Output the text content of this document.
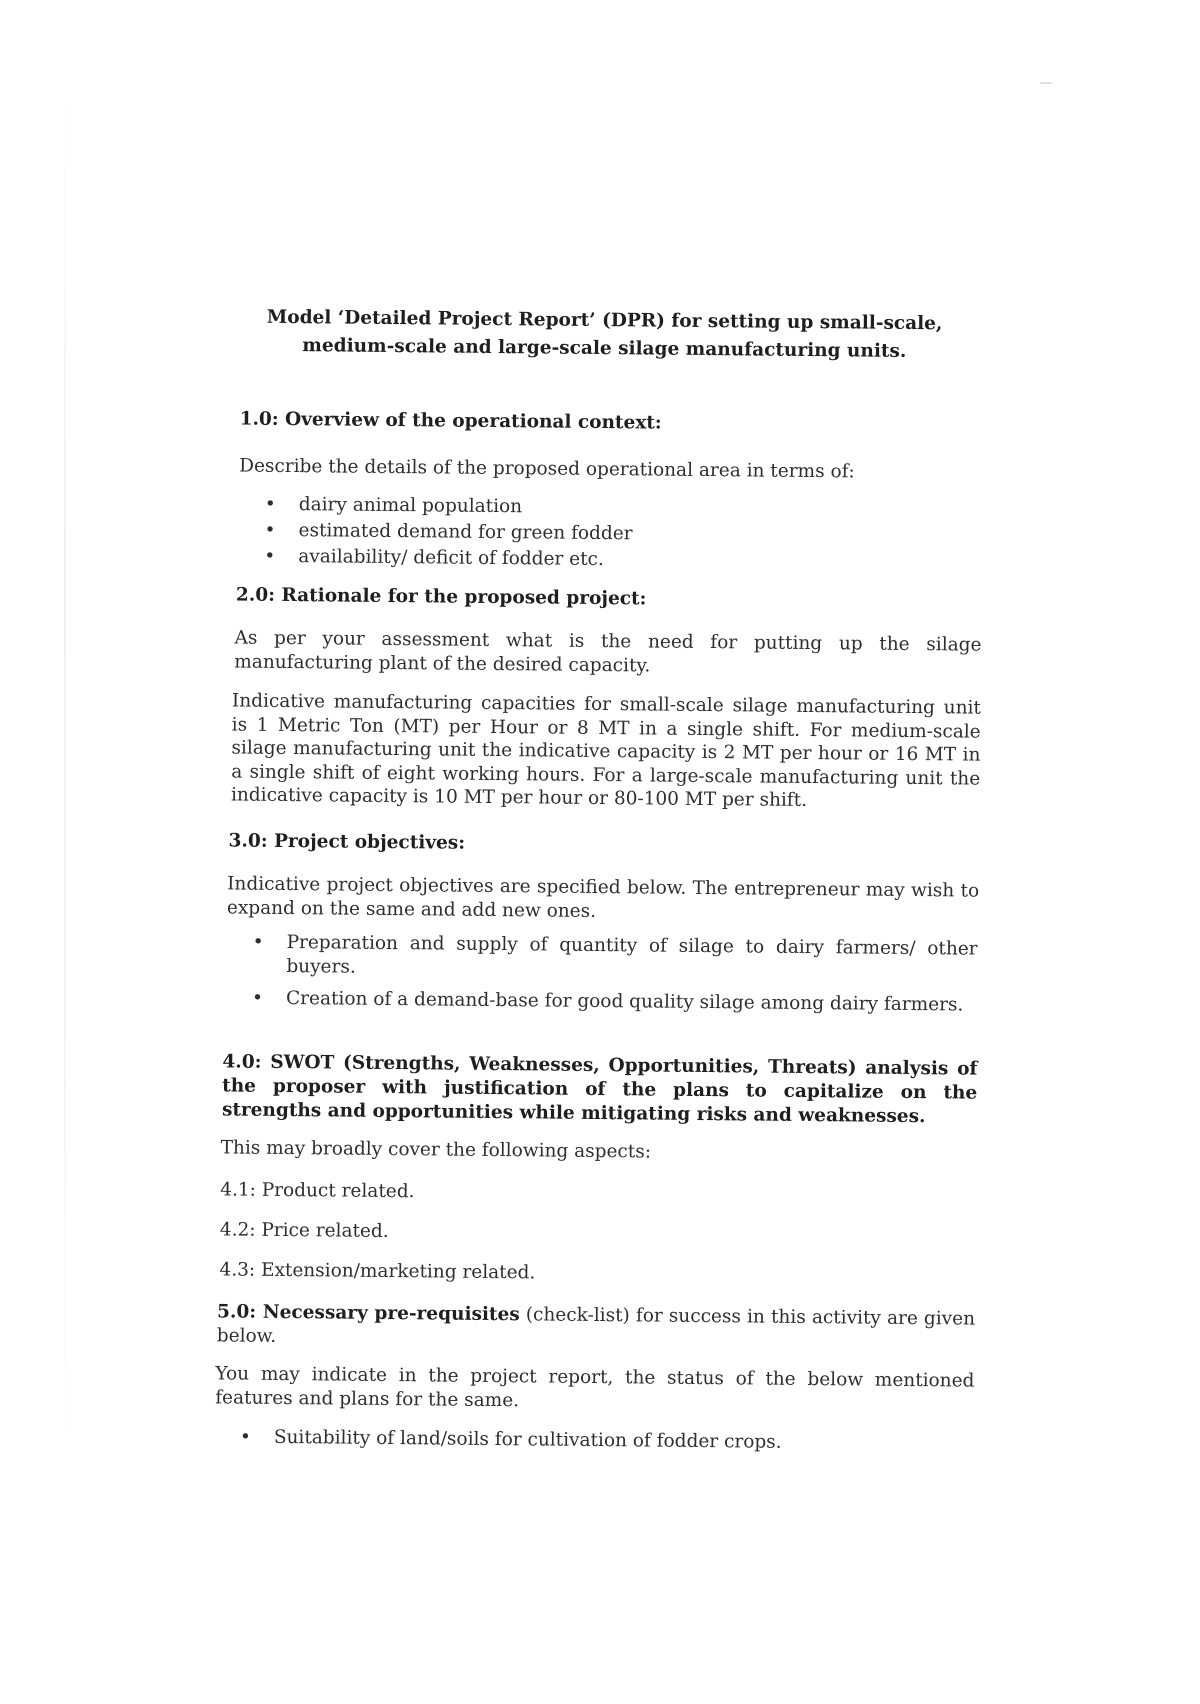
Model ‘Detailed Project Report’ (DPR) for setting up small-scale,
medium-scale and large-scale silage manufacturing units.
1.0: Overview of the operational context:
Describe the details of the proposed operational area in terms of:
• dairy animal population
• estimated demand for green fodder
• availability/ deficit of fodder etc.
2.0: Rationale for the proposed project:
As per your assessment what is the need for putting up the silage manufacturing plant of the desired capacity.
Indicative manufacturing capacities for small-scale silage manufacturing unit is 1 Metric Ton (MT) per Hour or 8 MT in a single shift. For medium-scale silage manufacturing unit the indicative capacity is 2 MT per hour or 16 MT in a single shift of eight working hours. For a large-scale manufacturing unit the indicative capacity is 10 MT per hour or 80-100 MT per shift.
3.0: Project objectives:
Indicative project objectives are specified below. The entrepreneur may wish to expand on the same and add new ones.
• Preparation and supply of quantity of silage to dairy farmers/ other buyers.
• Creation of a demand-base for good quality silage among dairy farmers.
4.0: SWOT (Strengths, Weaknesses, Opportunities, Threats) analysis of the proposer with justification of the plans to capitalize on the strengths and opportunities while mitigating risks and weaknesses.
This may broadly cover the following aspects:
4.1: Product related.
4.2: Price related.
4.3: Extension/marketing related.
5.0: Necessary pre-requisites (check-list) for success in this activity are given below.
You may indicate in the project report, the status of the below mentioned features and plans for the same.
• Suitability of land/soils for cultivation of fodder crops.
